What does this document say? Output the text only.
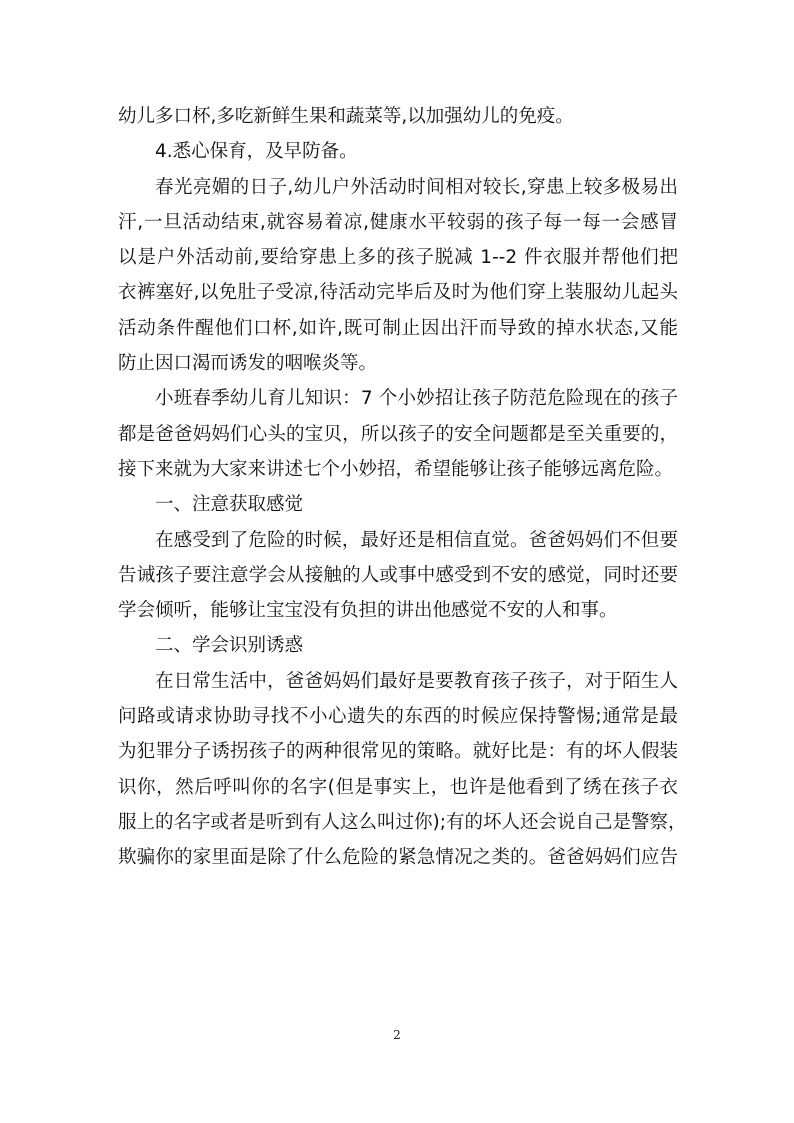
幼儿多口杯,多吃新鲜生果和蔬菜等,以加强幼儿的免疫。
4.悉心保育，及早防备。
春光亮媚的日子,幼儿户外活动时间相对较长,穿患上较多极易出
汗,一旦活动结束,就容易着凉,健康水平较弱的孩子每一每一会感冒
以是户外活动前,要给穿患上多的孩子脱减 1--2 件衣服并帮他们把
衣裤塞好,以免肚子受凉,待活动完毕后及时为他们穿上装服幼儿起头
活动条件醒他们口杯,如许,既可制止因出汗而导致的掉水状态,又能
防止因口渴而诱发的咽喉炎等。
小班春季幼儿育儿知识：7 个小妙招让孩子防范危险现在的孩子
都是爸爸妈妈们心头的宝贝，所以孩子的安全问题都是至关重要的，
接下来就为大家来讲述七个小妙招，希望能够让孩子能够远离危险。
一、注意获取感觉
在感受到了危险的时候，最好还是相信直觉。爸爸妈妈们不但要
告诫孩子要注意学会从接触的人或事中感受到不安的感觉，同时还要
学会倾听，能够让宝宝没有负担的讲出他感觉不安的人和事。
二、学会识别诱惑
在日常生活中，爸爸妈妈们最好是要教育孩子孩子，对于陌生人
问路或请求协助寻找不小心遗失的东西的时候应保持警惕;通常是最
为犯罪分子诱拐孩子的两种很常见的策略。就好比是：有的坏人假装
识你，然后呼叫你的名字(但是事实上，也许是他看到了绣在孩子衣
服上的名字或者是听到有人这么叫过你);有的坏人还会说自己是警察，
欺骗你的家里面是除了什么危险的紧急情况之类的。爸爸妈妈们应告
2
